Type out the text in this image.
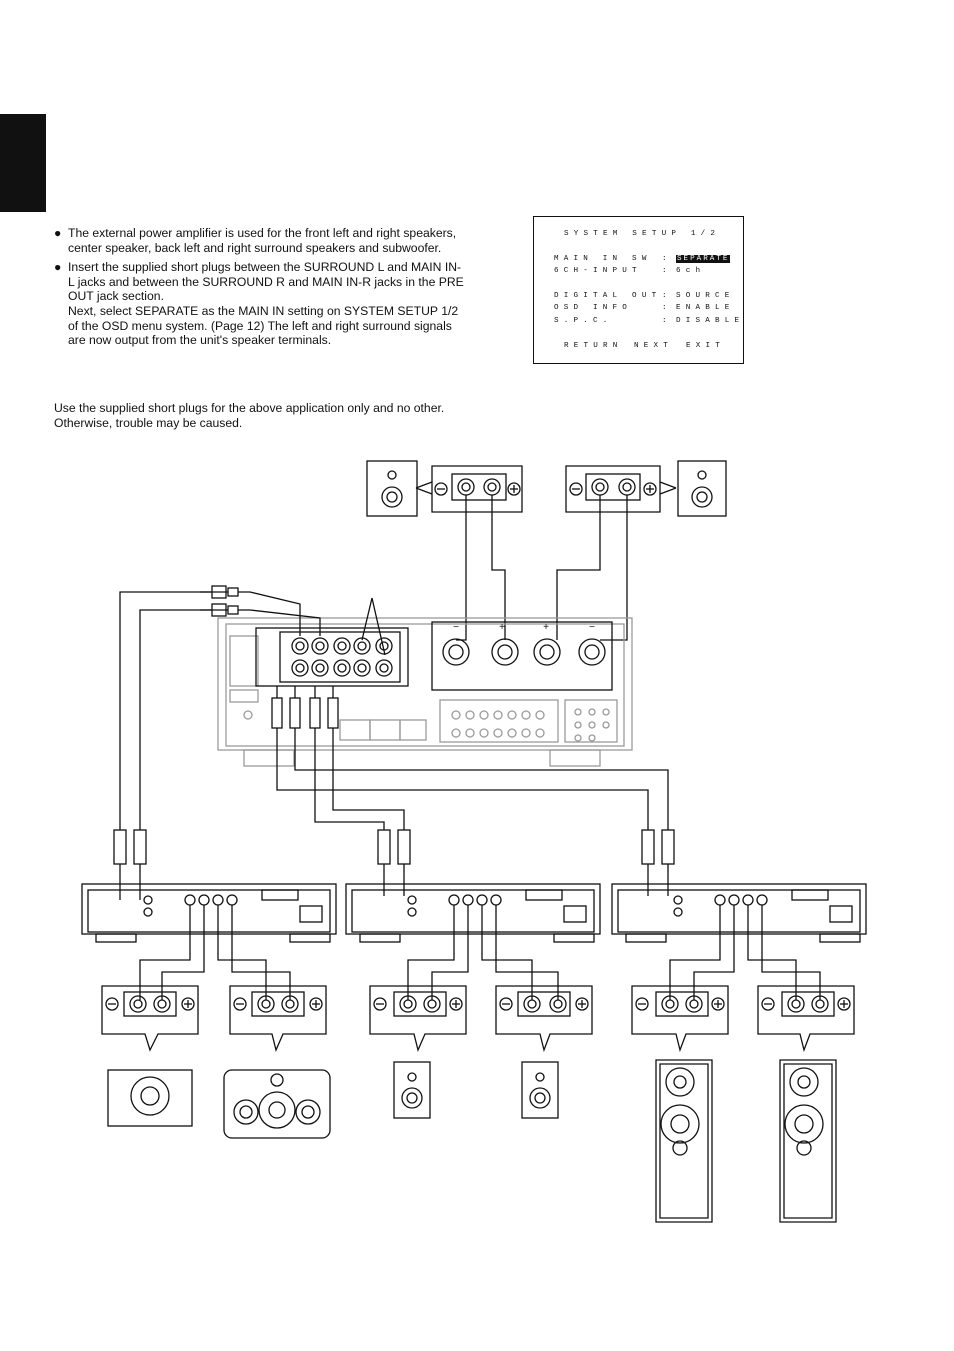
● The external power amplifier is used for the front left and right speakers, center speaker, back left and right surround speakers and subwoofer.
● Insert the supplied short plugs between the SURROUND L and MAIN IN-L jacks and between the SURROUND R and MAIN IN-R jacks in the PRE OUT jack section.
Next, select SEPARATE as the MAIN IN setting on SYSTEM SETUP 1/2 of the OSD menu system. (Page 12) The left and right surround signals are now output from the unit's speaker terminals.
Use the supplied short plugs for the above application only and no other. Otherwise, trouble may be caused.
SYSTEM SETUP 1/2
MAIN IN SW : SEPARATE
6CH-INPUT	: 6ch
DIGITAL OUT : SOURCE
OSD INFO	: ENABLE
S.P.C.	: DISABLE
RETURN NEXT EXIT
−	+	+	−
